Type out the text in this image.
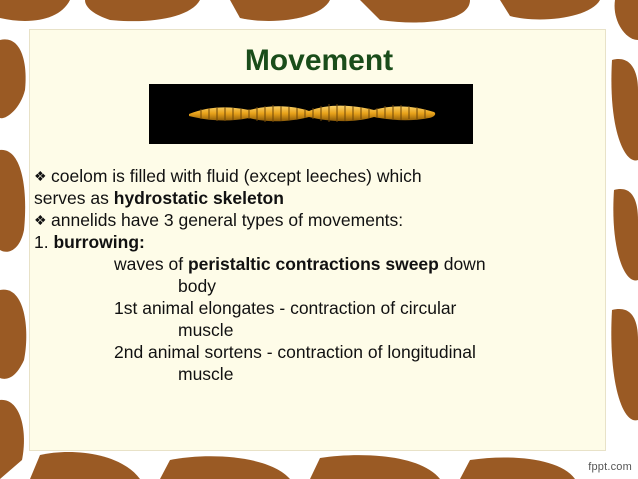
Movement
❖ coelom is filled with fluid (except leeches) which
serves as hydrostatic skeleton
❖ annelids have 3 general types of movements:
1. burrowing:
waves of peristaltic contractions sweep down
body
1st animal elongates - contraction of circular
muscle
2nd animal sortens - contraction of longitudinal
muscle
fppt.com
